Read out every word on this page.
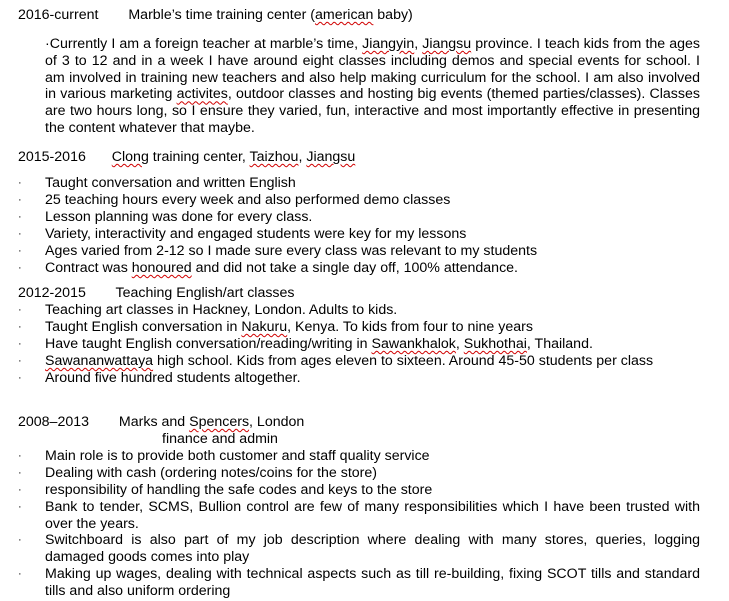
2016-current Marble’s time training center (american baby)
·Currently I am a foreign teacher at marble’s time, Jiangyin, Jiangsu province. I teach kids from the ages of 3 to 12 and in a week I have around eight classes including demos and special events for school. I am involved in training new teachers and also help making curriculum for the school. I am also involved in various marketing activites, outdoor classes and hosting big events (themed parties/classes). Classes are two hours long, so I ensure they varied, fun, interactive and most importantly effective in presenting the content whatever that maybe.
2015-2016 Clong training center, Taizhou, Jiangsu
· Taught conversation and written English
· 25 teaching hours every week and also performed demo classes
· Lesson planning was done for every class.
· Variety, interactivity and engaged students were key for my lessons
· Ages varied from 2-12 so I made sure every class was relevant to my students
· Contract was honoured and did not take a single day off, 100% attendance.
2012-2015 Teaching English/art classes
· Teaching art classes in Hackney, London. Adults to kids.
· Taught English conversation in Nakuru, Kenya. To kids from four to nine years
· Have taught English conversation/reading/writing in Sawankhalok, Sukhothai, Thailand.
· Sawananwattaya high school. Kids from ages eleven to sixteen. Around 45-50 students per class
· Around five hundred students altogether.
2008–2013 Marks and Spencers, London
finance and admin
· Main role is to provide both customer and staff quality service
· Dealing with cash (ordering notes/coins for the store)
· responsibility of handling the safe codes and keys to the store
· Bank to tender, SCMS, Bullion control are few of many responsibilities which I have been trusted with over the years.
· Switchboard is also part of my job description where dealing with many stores, queries, logging damaged goods comes into play
· Making up wages, dealing with technical aspects such as till re-building, fixing SCOT tills and standard tills and also uniform ordering
